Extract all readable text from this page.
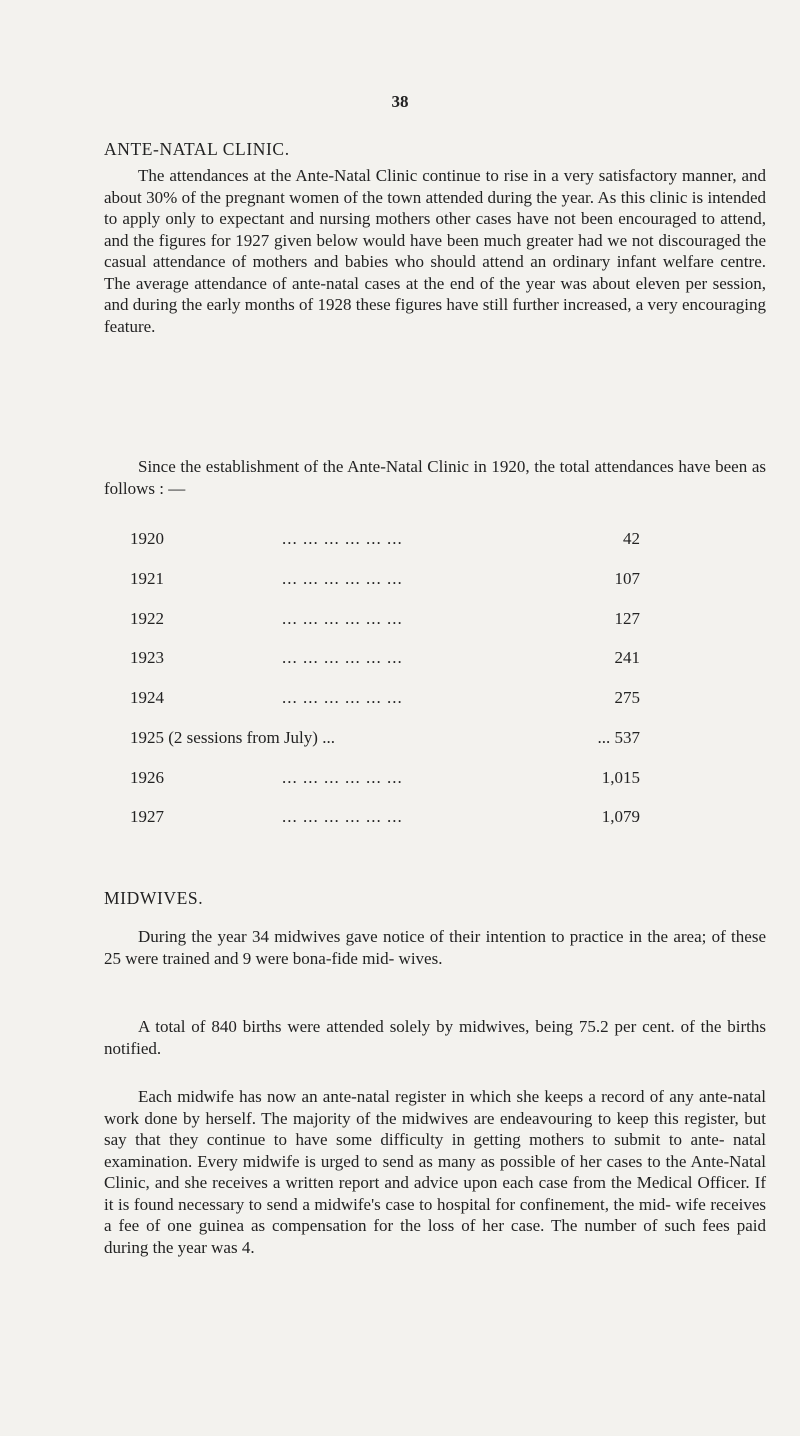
38
ANTE-NATAL CLINIC.

The attendances at the Ante-Natal Clinic continue to rise in a very satisfactory manner, and about 30% of the pregnant women of the town attended during the year. As this clinic is intended to apply only to expectant and nursing mothers other cases have not been encouraged to attend, and the figures for 1927 given below would have been much greater had we not discouraged the casual attendance of mothers and babies who should attend an ordinary infant welfare centre. The average attendance of ante-natal cases at the end of the year was about eleven per session, and during the early months of 1928 these figures have still further increased, a very encouraging feature.

Since the establishment of the Ante-Natal Clinic in 1920, the total attendances have been as follows : —

1920	... ... ... ... ... ...	42
1921	... ... ... ... ... ...	107
1922	... ... ... ... ... ...	127
1923	... ... ... ... ... ...	241
1924	... ... ... ... ... ...	275
1925 (2 sessions from July) ...	... 537
1926	... ... ... ... ... ...	1,015
1927	... ... ... ... ... ...	1,079
MIDWIVES.

During the year 34 midwives gave notice of their intention to practice in the area; of these 25 were trained and 9 were bona-fide mid- wives.

A total of 840 births were attended solely by midwives, being 75.2 per cent. of the births notified.

Each midwife has now an ante-natal register in which she keeps a record of any ante-natal work done by herself. The majority of the midwives are endeavouring to keep this register, but say that they continue to have some difficulty in getting mothers to submit to ante- natal examination. Every midwife is urged to send as many as possible of her cases to the Ante-Natal Clinic, and she receives a written report and advice upon each case from the Medical Officer. If it is found necessary to send a midwife's case to hospital for confinement, the mid- wife receives a fee of one guinea as compensation for the loss of her case. The number of such fees paid during the year was 4.
